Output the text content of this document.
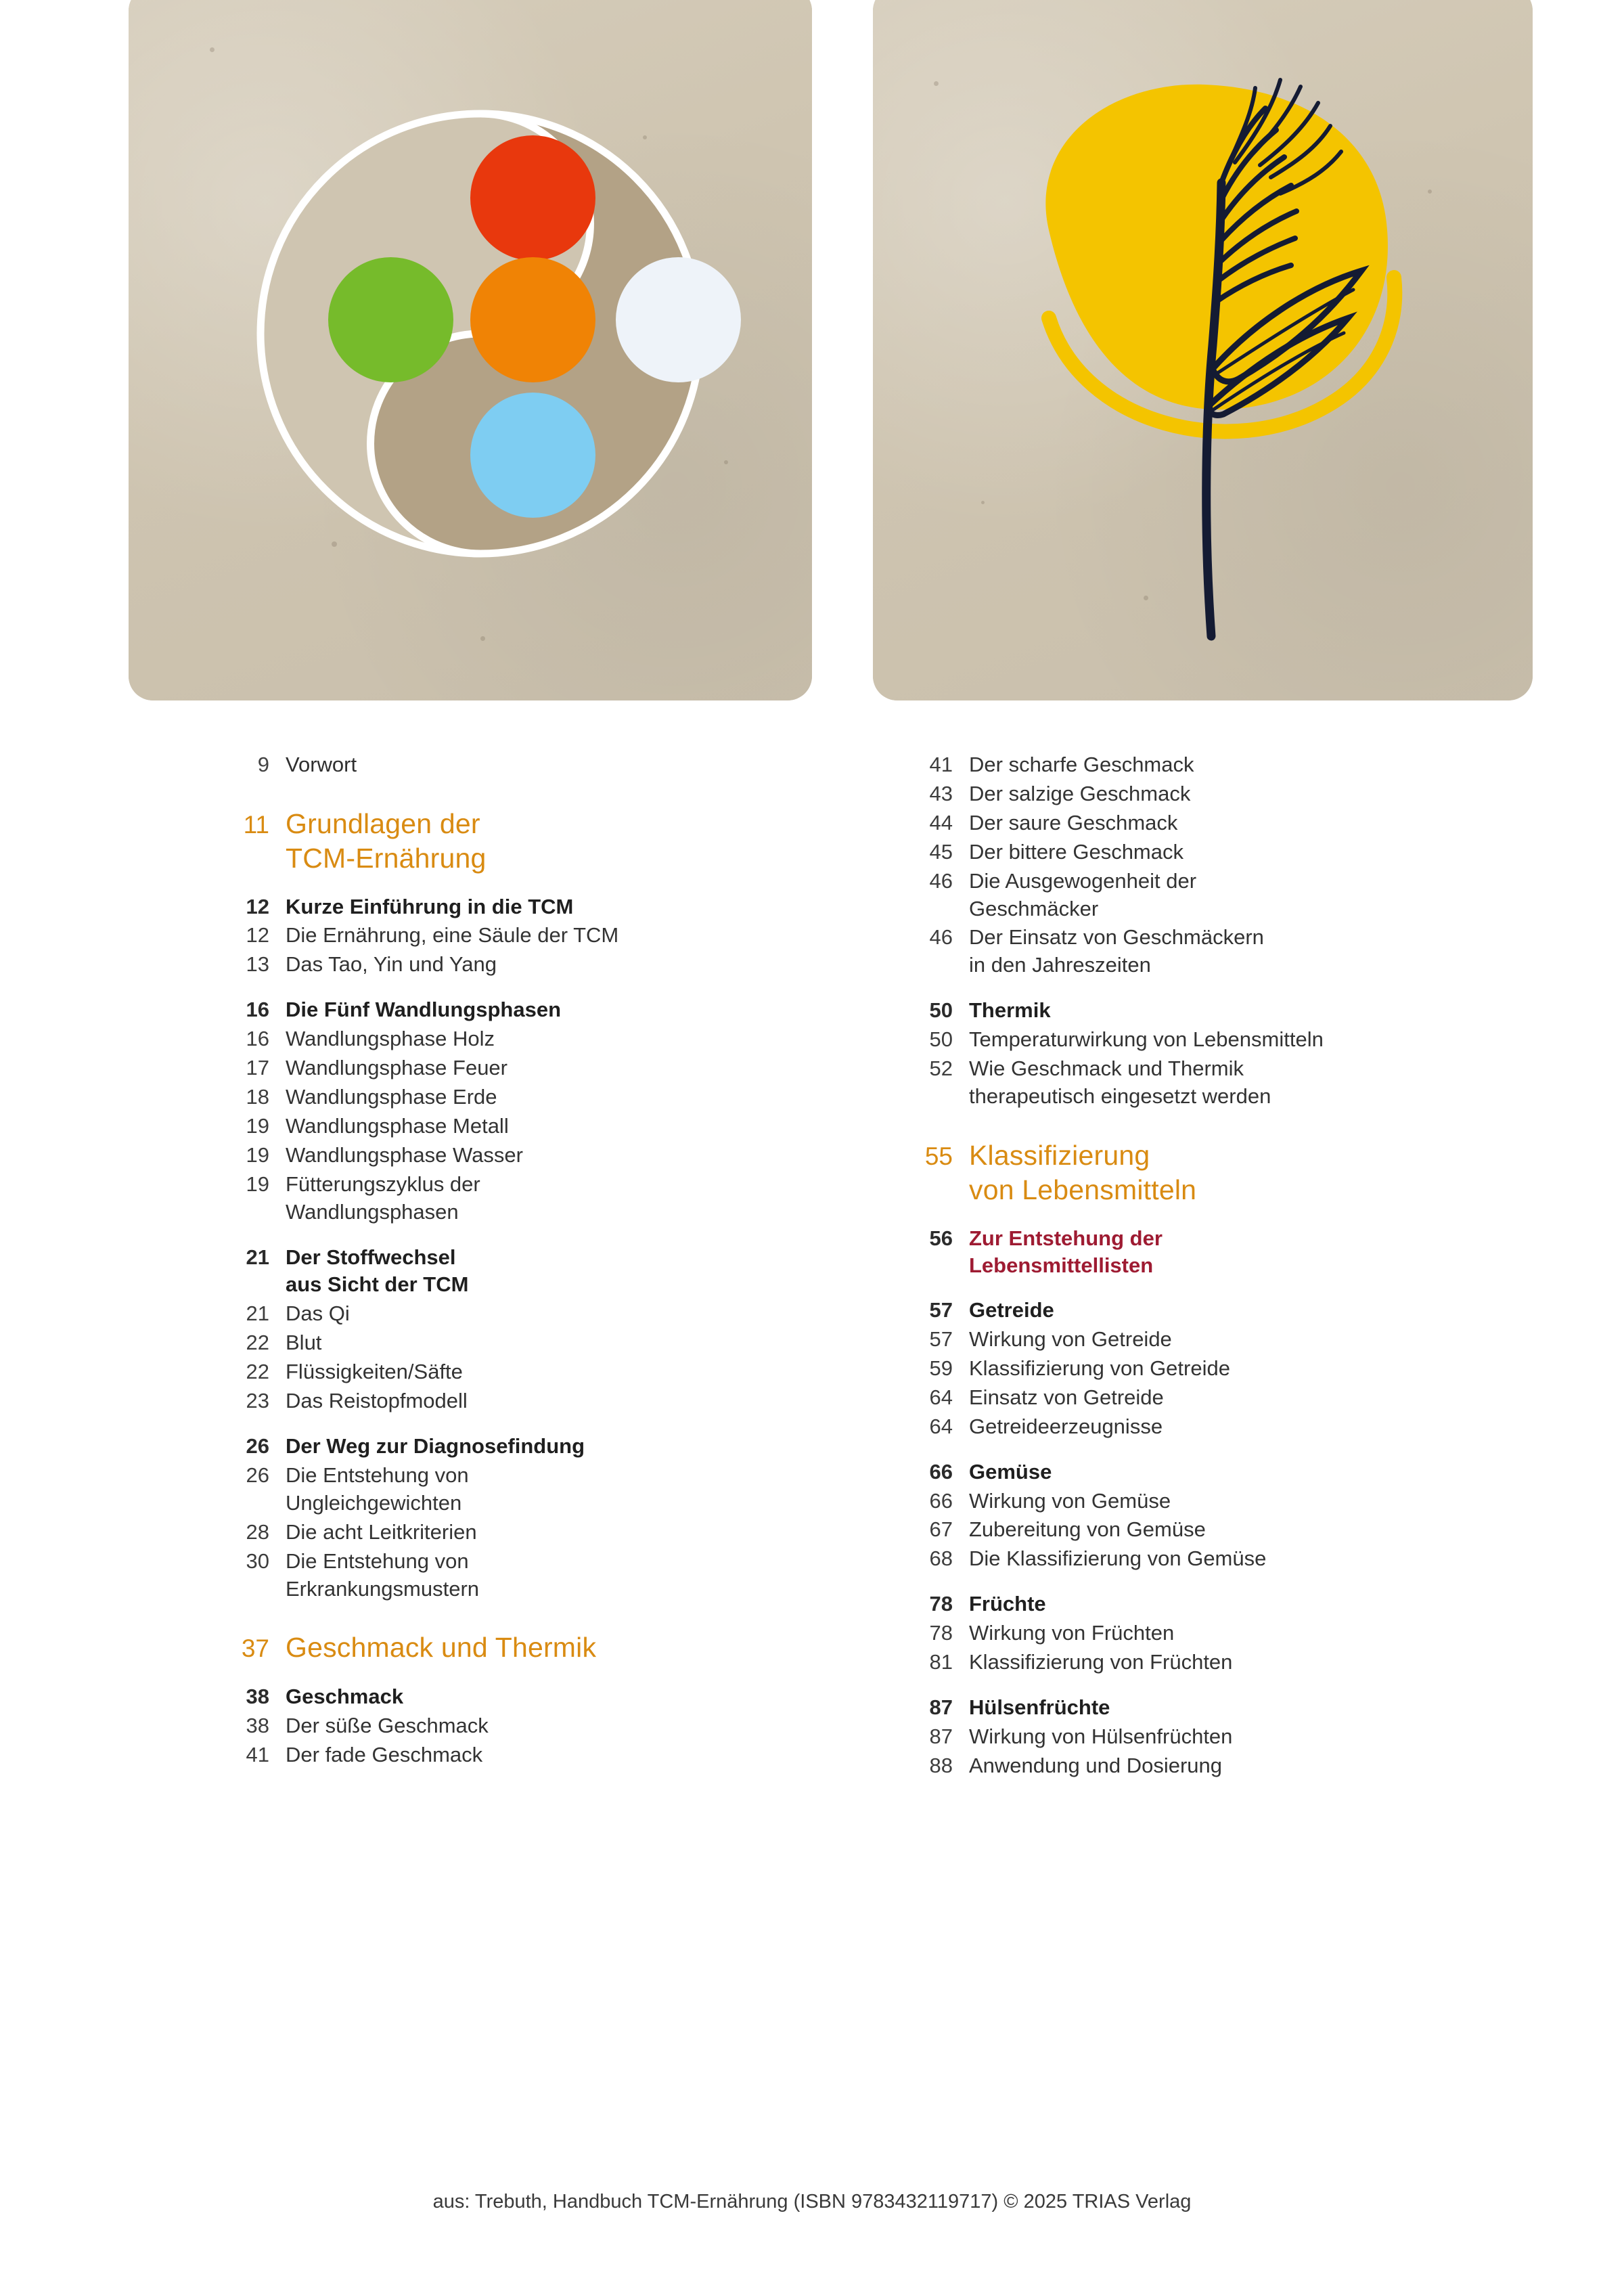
9 Vorwort
11 Grundlagen der
TCM-Ernährung
12 Kurze Einführung in die TCM
12 Die Ernährung, eine Säule der TCM
13 Das Tao, Yin und Yang
16 Die Fünf Wandlungsphasen
16 Wandlungsphase Holz
17 Wandlungsphase Feuer
18 Wandlungsphase Erde
19 Wandlungsphase Metall
19 Wandlungsphase Wasser
19 Fütterungszyklus der
Wandlungsphasen
21 Der Stoffwechsel
aus Sicht der TCM
21 Das Qi
22 Blut
22 Flüssigkeiten/Säfte
23 Das Reistopfmodell
26 Der Weg zur Diagnosefindung
26 Die Entstehung von
Ungleichgewichten
28 Die acht Leitkriterien
30 Die Entstehung von
Erkrankungsmustern
37 Geschmack und Thermik
38 Geschmack
38 Der süße Geschmack
41 Der fade Geschmack
41 Der scharfe Geschmack
43 Der salzige Geschmack
44 Der saure Geschmack
45 Der bittere Geschmack
46 Die Ausgewogenheit der
Geschmäcker
46 Der Einsatz von Geschmäckern
in den Jahreszeiten
50 Thermik
50 Temperaturwirkung von Lebensmitteln
52 Wie Geschmack und Thermik
therapeutisch eingesetzt werden
55 Klassifizierung
von Lebensmitteln
56 Zur Entstehung der
Lebensmittellisten
57 Getreide
57 Wirkung von Getreide
59 Klassifizierung von Getreide
64 Einsatz von Getreide
64 Getreideerzeugnisse
66 Gemüse
66 Wirkung von Gemüse
67 Zubereitung von Gemüse
68 Die Klassifizierung von Gemüse
78 Früchte
78 Wirkung von Früchten
81 Klassifizierung von Früchten
87 Hülsenfrüchte
87 Wirkung von Hülsenfrüchten
88 Anwendung und Dosierung
aus: Trebuth, Handbuch TCM-Ernährung (ISBN 9783432119717) © 2025 TRIAS Verlag
